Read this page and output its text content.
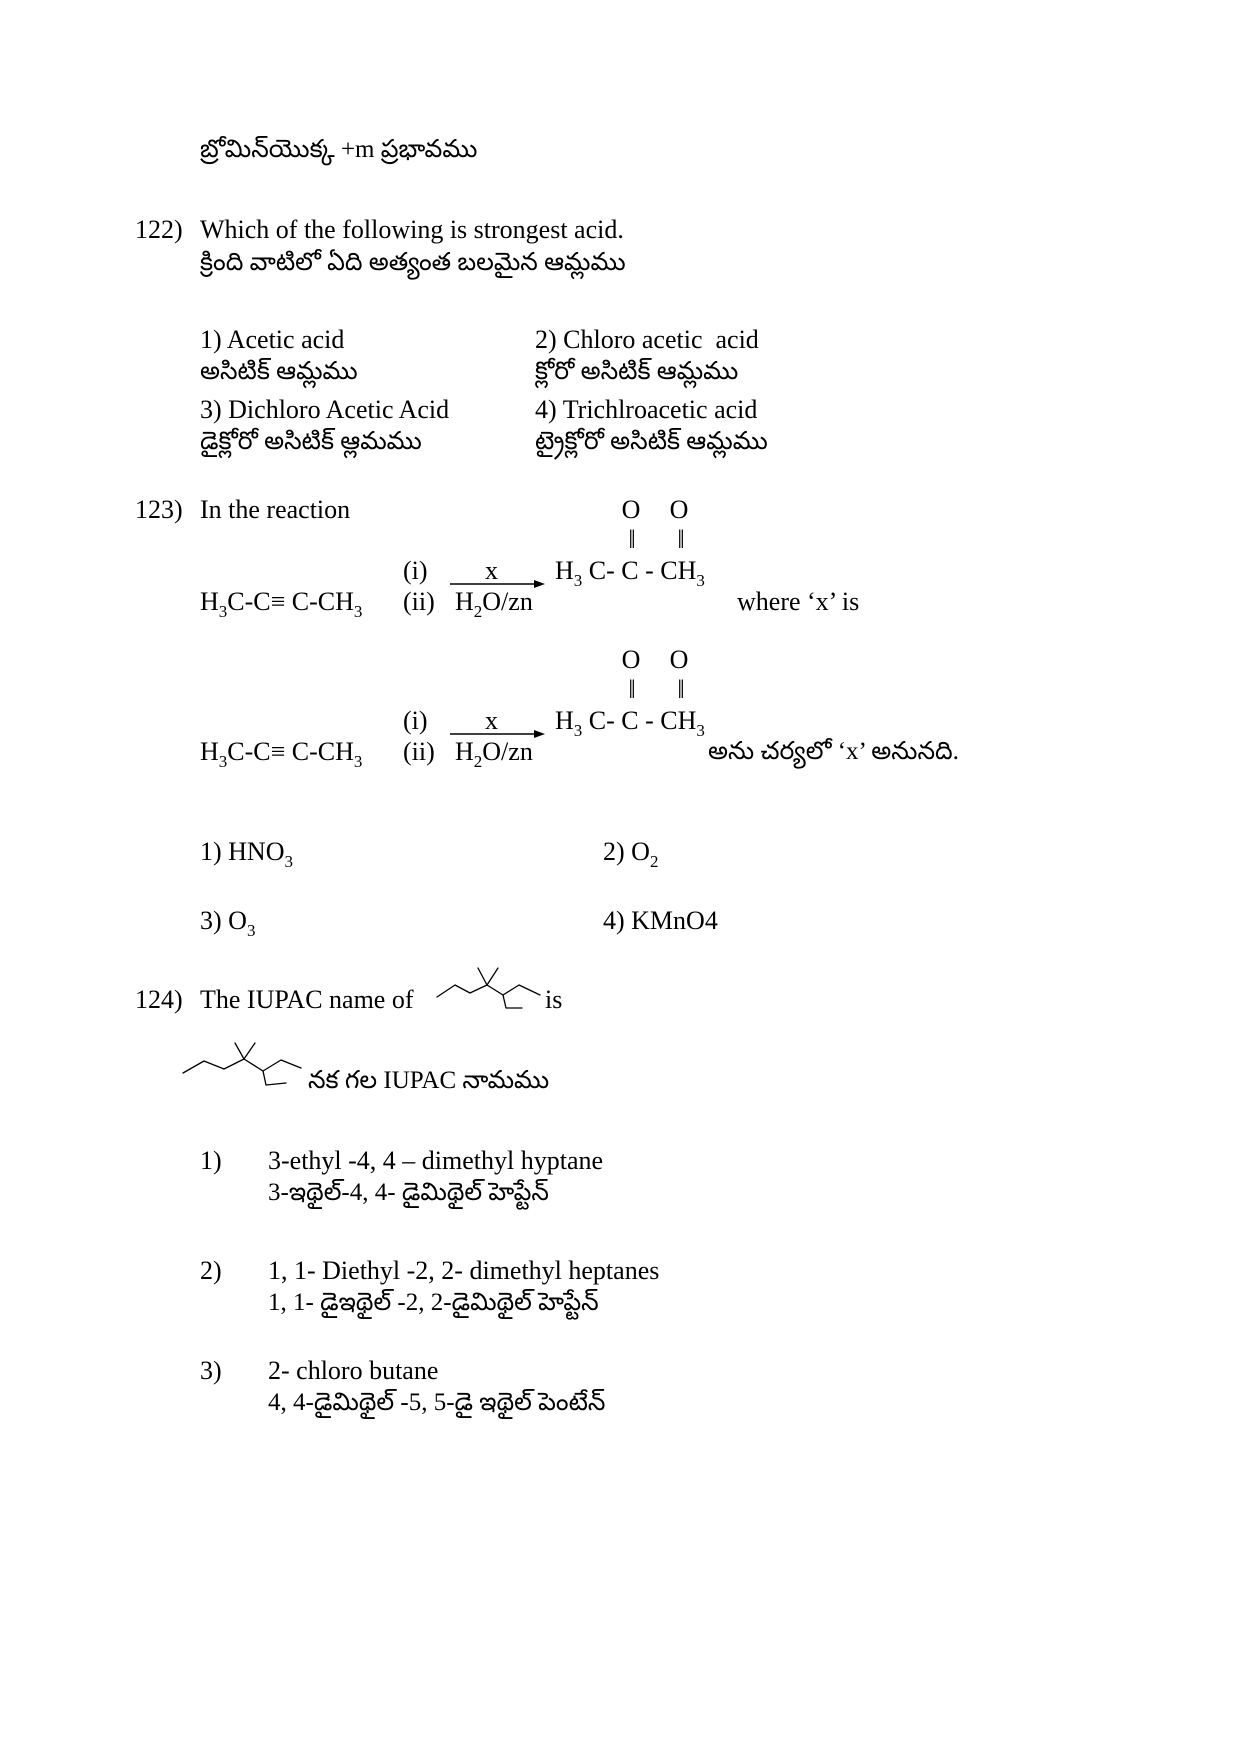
బ్రోమిన్‌యొక్క +m ప్రభావము
122) Which of the following is strongest acid.
క్రింది వాటిలో ఏది అత్యంత బలమైన ఆమ్లము
1) Acetic acid
అసిటిక్ ఆమ్లము
2) Chloro acetic  acid
క్లోరో అసిటిక్ ఆమ్లము
3) Dichloro Acetic Acid
డైక్లోరో అసిటిక్ ఆ్లమము
4) Trichlroacetic acid
ట్రైక్లోరో అసిటిక్ ఆమ్లము
123) In the reaction	O O
‖ ‖
(i) x $H_3$ C- C - $CH_3$
$H_3C-C\equiv C-CH_3$ (ii) $H_2O/zn$	where ‘x’ is
O O
‖ ‖
(i) x $H_3$ C- C - $CH_3$
$H_3C-C\equiv C-CH_3$ (ii) $H_2O/zn$	అను చర్యలో ‘x’ అనునది.
1) $HNO_3$	2) $O_2$
3) $O_3$	4) KMnO4
124) The IUPAC name of	is
నక గల IUPAC నామము
1) 3-ethyl -4, 4 – dimethyl hyptane
3-ఇథైల్-4, 4- డైమిథైల్ హెప్టేన్
2) 1, 1- Diethyl -2, 2- dimethyl heptanes
1, 1- డైఇథైల్ -2, 2-డైమిథైల్ హెప్టేన్
3) 2- chloro butane
4, 4-డైమిథైల్ -5, 5-డై ఇథైల్ పెంటేన్
